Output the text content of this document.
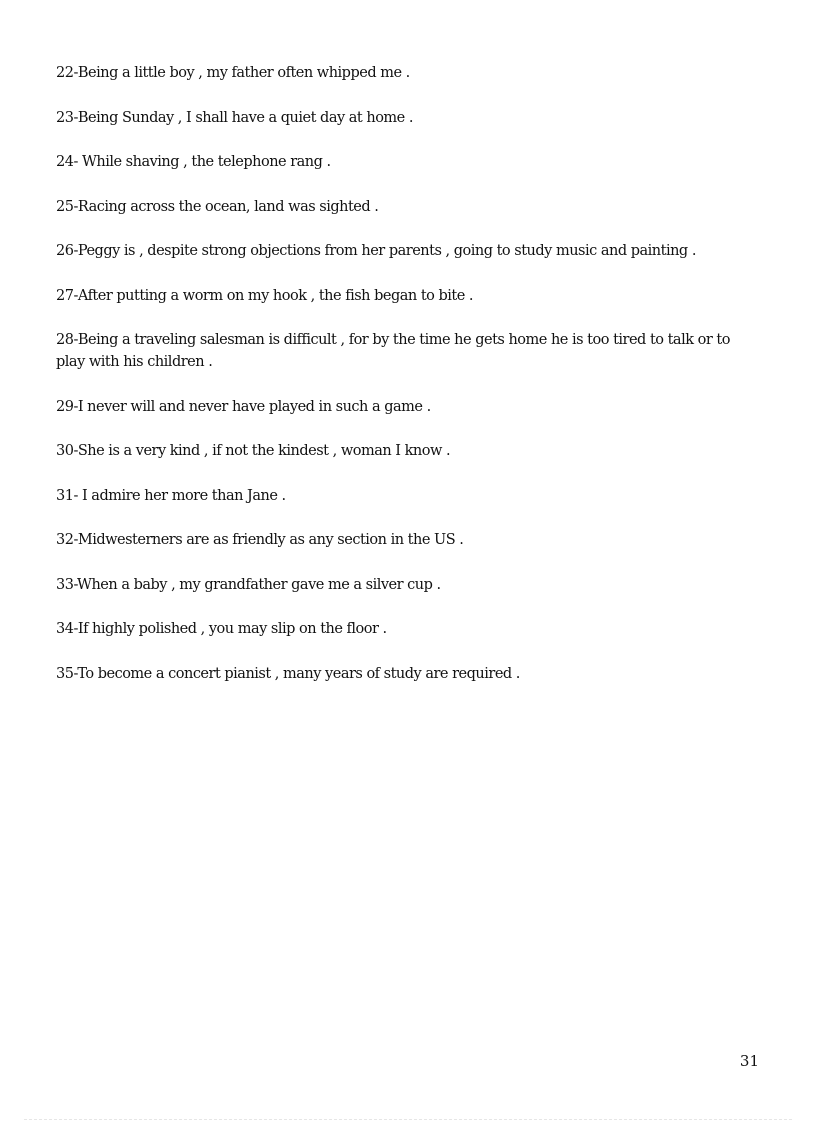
22-Being a little boy , my father often whipped me .
23-Being Sunday , I shall have a quiet day at home .
24- While shaving , the telephone rang .
25-Racing across the ocean, land was sighted .
26-Peggy is , despite strong objections from her parents , going to study music and painting .
27-After putting a worm on my hook , the fish began to bite .
28-Being a traveling salesman is difficult , for by the time he gets home he is too tired to talk or to play with his children .
29-I never will and never have played in such a game .
30-She is a very kind , if not the kindest , woman I know .
31- I admire her more than Jane .
32-Midwesterners are as friendly as any section in the US .
33-When a baby , my grandfather gave me a silver cup .
34-If highly polished , you may slip on the floor .
35-To become a concert pianist , many years of study are required .
31
